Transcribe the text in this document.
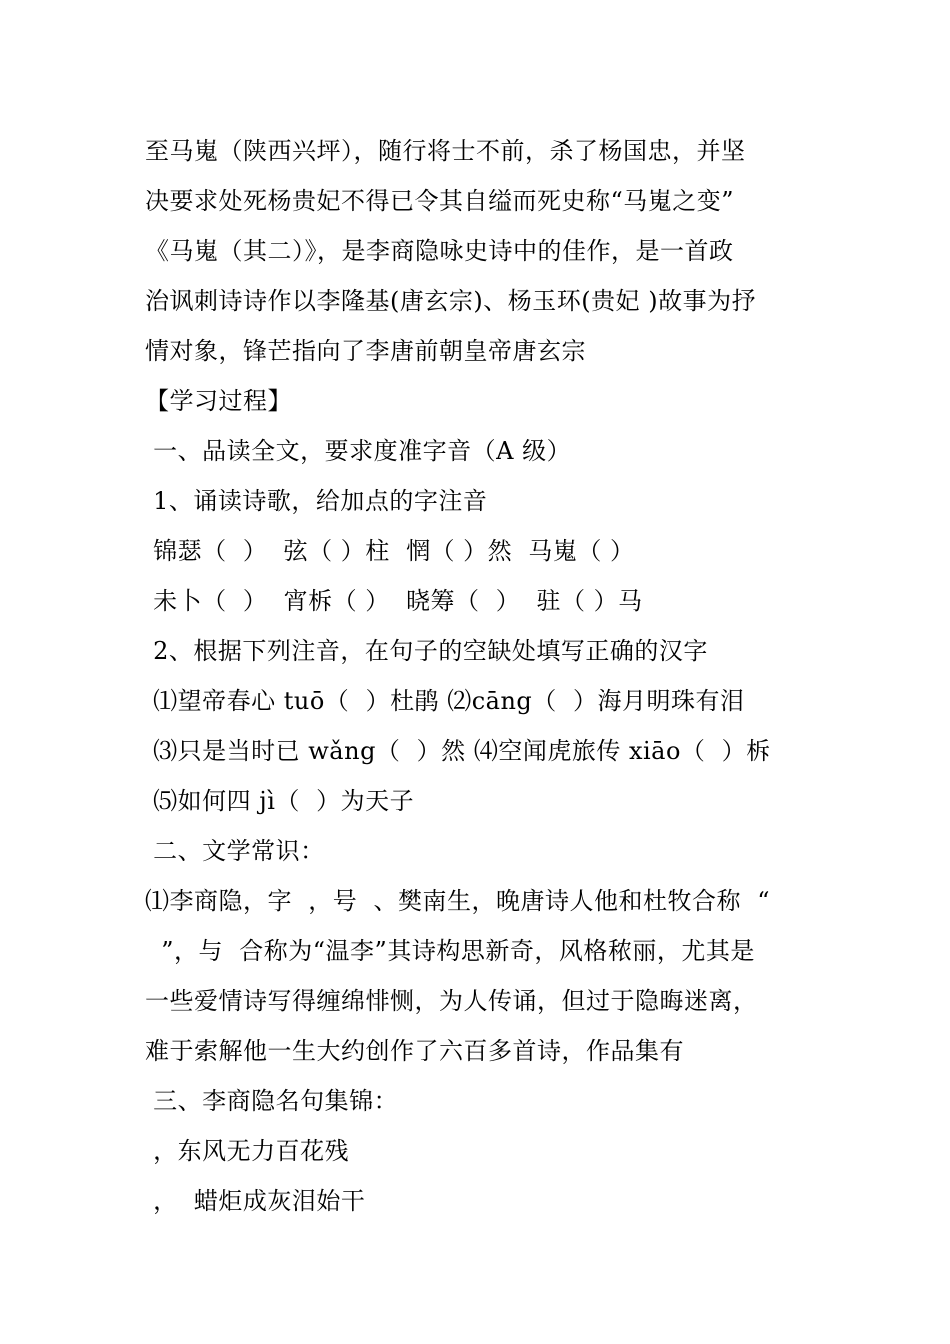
至马嵬（陕西兴坪），随行将士不前，杀了杨国忠，并坚
决要求处死杨贵妃不得已令其自缢而死史称“马嵬之变”
《马嵬（其二）》，是李商隐咏史诗中的佳作，是一首政
治讽刺诗诗作以李隆基(唐玄宗)、杨玉环(贵妃 )故事为抒
情对象，锋芒指向了李唐前朝皇帝唐玄宗
【学习过程】
一、品读全文，要求度准字音（A 级）
1、诵读诗歌，给加点的字注音
锦瑟（  ）  弦（ ）柱  惘（ ）然  马嵬（ ）
未卜（  ）  宵柝（ ）  晓筹（  ）  驻（ ）马
2、根据下列注音，在句子的空缺处填写正确的汉字
⑴望帝春心 tuō（  ）杜鹃 ⑵cāng（  ）海月明珠有泪
⑶只是当时已 wǎng（  ）然 ⑷空闻虎旅传 xiāo（  ）柝
⑸如何四 jì（  ）为天子
二、文学常识：
⑴李商隐，字  ，号  、樊南生，晚唐诗人他和杜牧合称  “
”，与  合称为“温李”其诗构思新奇，风格秾丽，尤其是
一些爱情诗写得缠绵悱恻，为人传诵，但过于隐晦迷离，
难于索解他一生大约创作了六百多首诗，作品集有
三、李商隐名句集锦：
，东风无力百花残
，  蜡炬成灰泪始干
